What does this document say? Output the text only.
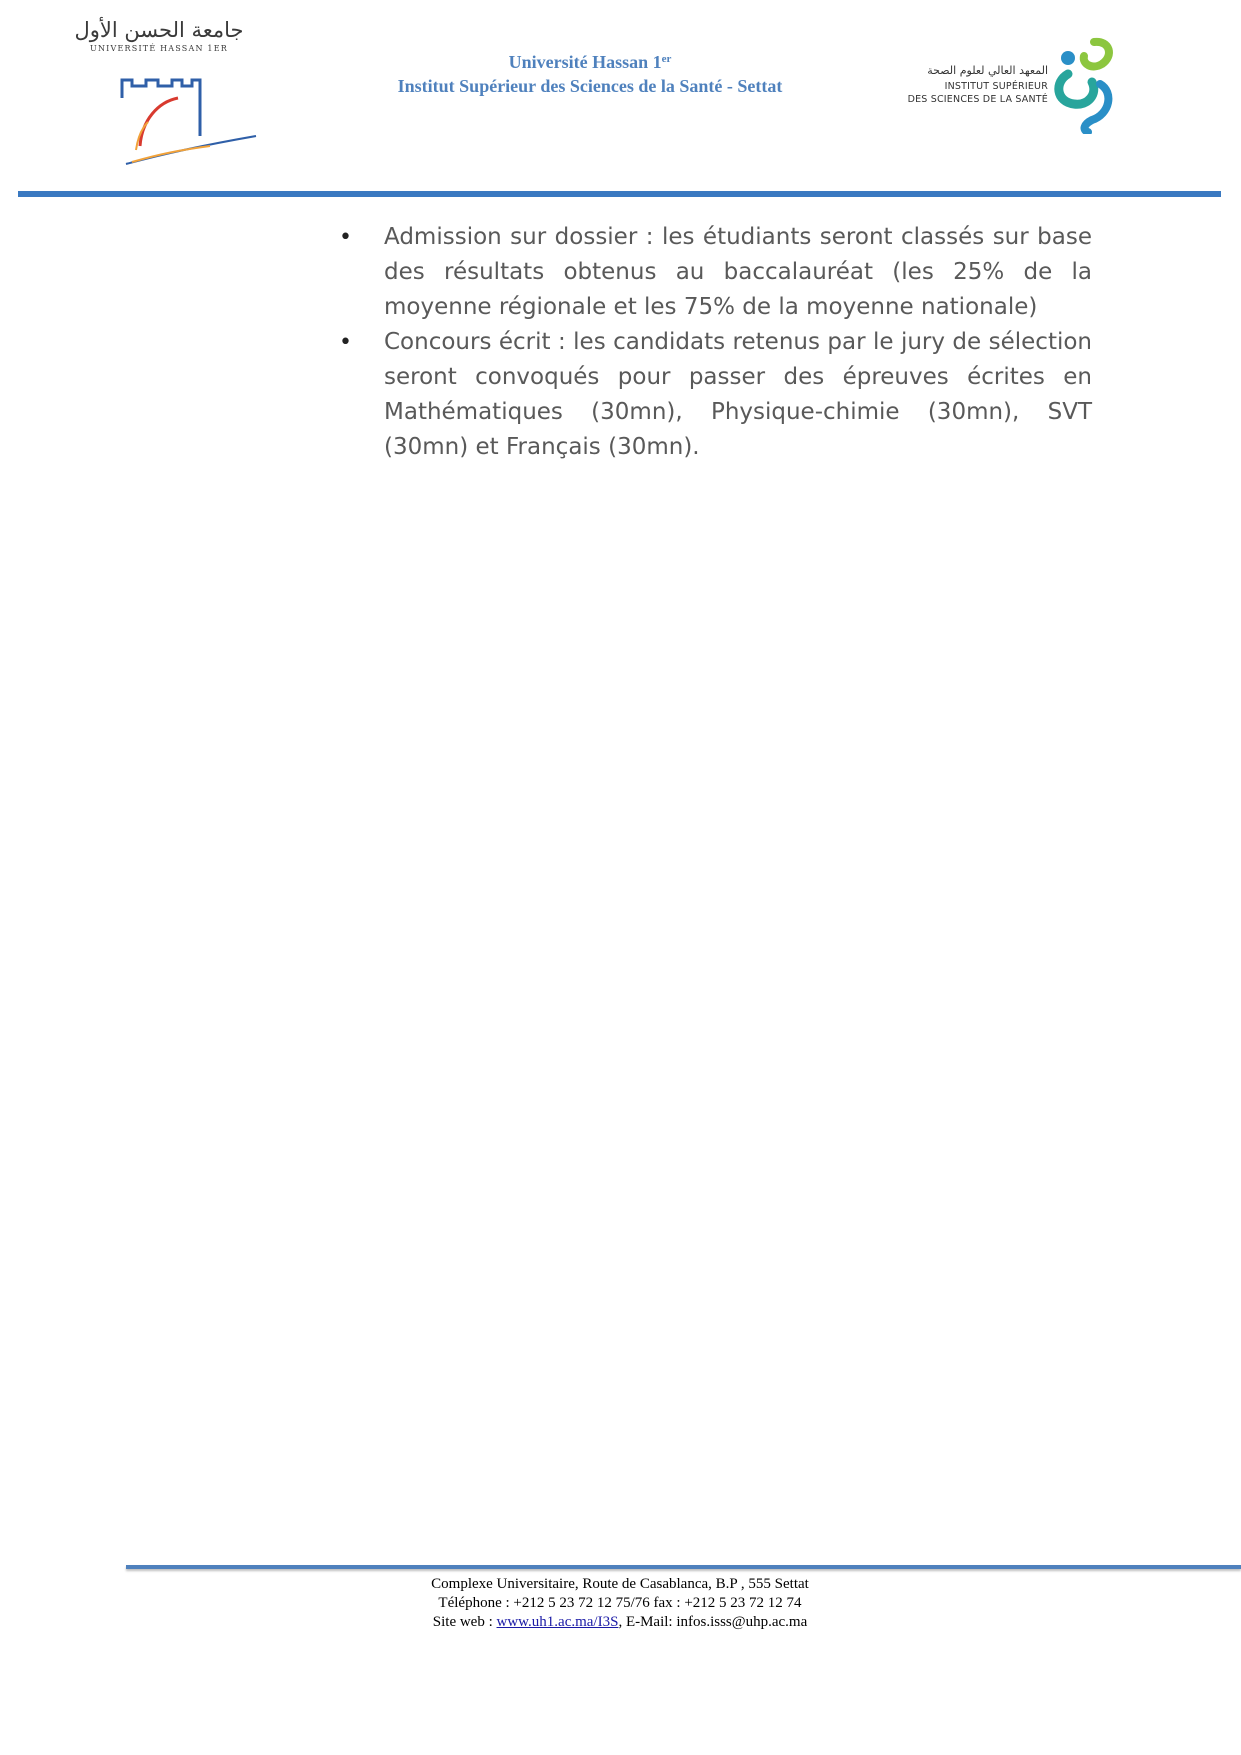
جامعة الحسن الأول
UNIVERSITÉ HASSAN 1ER
Université Hassan 1er
Institut Supérieur des Sciences de la Santé - Settat
المعهد العالي لعلوم الصحة
INSTITUT SUPÉRIEUR
DES SCIENCES DE LA SANTÉ
• Admission sur dossier : les étudiants seront classés sur base des résultats obtenus au baccalauréat (les 25% de la moyenne régionale et les 75% de la moyenne nationale)
• Concours écrit : les candidats retenus par le jury de sélection seront convoqués pour passer des épreuves écrites en Mathématiques (30mn), Physique-chimie (30mn), SVT (30mn) et Français (30mn).
Complexe Universitaire, Route de Casablanca, B.P , 555 Settat
Téléphone : +212 5 23 72 12 75/76 fax : +212 5 23 72 12 74
Site web : www.uh1.ac.ma/I3S, E-Mail: infos.isss@uhp.ac.ma
